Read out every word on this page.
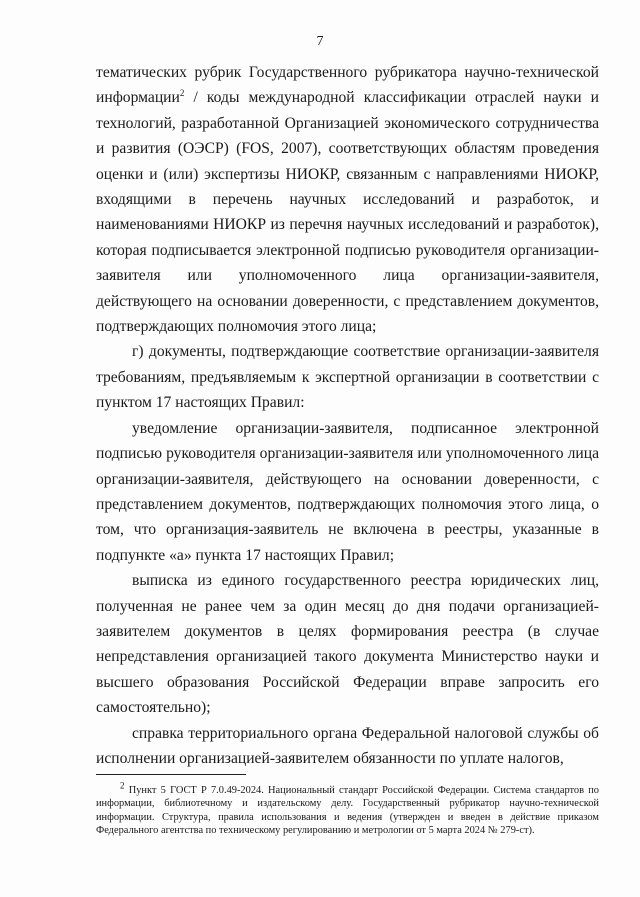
7

тематических рубрик Государственного рубрикатора научно-технической информации$^2$ / коды международной классификации отраслей науки и технологий, разработанной Организацией экономического сотрудничества и развития (ОЭСР) (FOS, 2007), соответствующих областям проведения оценки и (или) экспертизы НИОКР, связанным с направлениями НИОКР, входящими в перечень научных исследований и разработок, и наименованиями НИОКР из перечня научных исследований и разработок), которая подписывается электронной подписью руководителя организации-заявителя или уполномоченного лица организации-заявителя, действующего на основании доверенности, с представлением документов, подтверждающих полномочия этого лица;

г) документы, подтверждающие соответствие организации-заявителя требованиям, предъявляемым к экспертной организации в соответствии с пунктом 17 настоящих Правил:

уведомление организации-заявителя, подписанное электронной подписью руководителя организации-заявителя или уполномоченного лица организации-заявителя, действующего на основании доверенности, с представлением документов, подтверждающих полномочия этого лица, о том, что организация-заявитель не включена в реестры, указанные в подпункте «а» пункта 17 настоящих Правил;

выписка из единого государственного реестра юридических лиц, полученная не ранее чем за один месяц до дня подачи организацией-заявителем документов в целях формирования реестра (в случае непредставления организацией такого документа Министерство науки и высшего образования Российской Федерации вправе запросить его самостоятельно);

справка территориального органа Федеральной налоговой службы об исполнении организацией-заявителем обязанности по уплате налогов,

$^2$ Пункт 5 ГОСТ Р 7.0.49-2024. Национальный стандарт Российской Федерации. Система стандартов по информации, библиотечному и издательскому делу. Государственный рубрикатор научно-технической информации. Структура, правила использования и ведения (утвержден и введен в действие приказом Федерального агентства по техническому регулированию и метрологии от 5 марта 2024 № 279-ст).
